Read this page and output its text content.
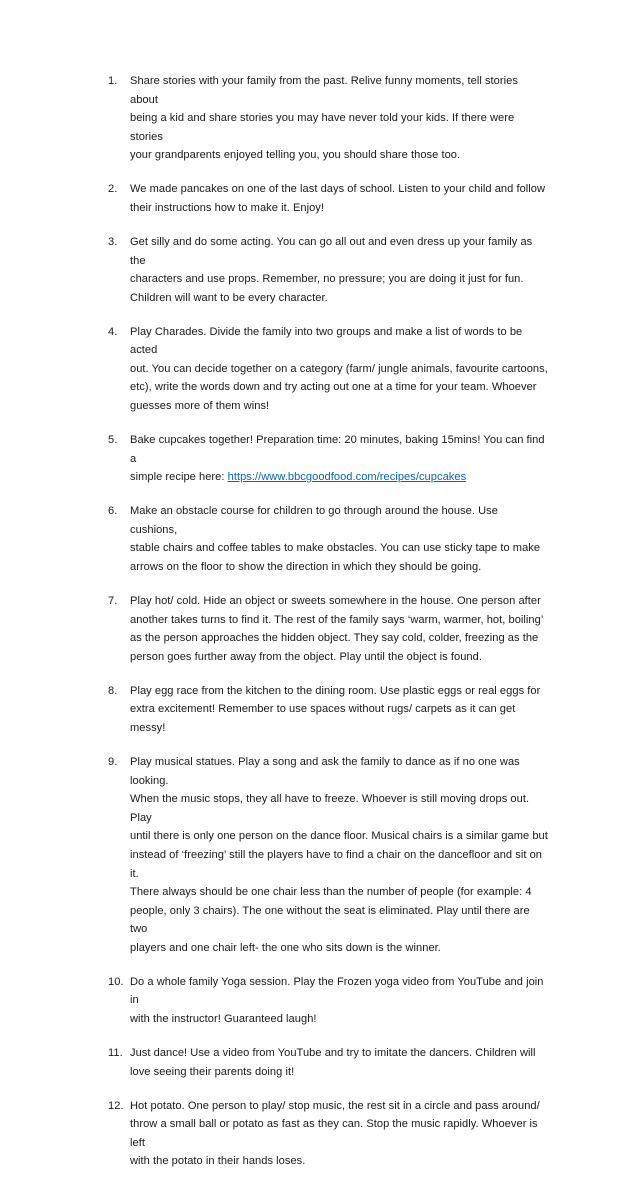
1. Share stories with your family from the past. Relive funny moments, tell stories about
being a kid and share stories you may have never told your kids. If there were stories
your grandparents enjoyed telling you, you should share those too.
2. We made pancakes on one of the last days of school. Listen to your child and follow
their instructions how to make it. Enjoy!
3. Get silly and do some acting. You can go all out and even dress up your family as the
characters and use props. Remember, no pressure; you are doing it just for fun.
Children will want to be every character.
4. Play Charades. Divide the family into two groups and make a list of words to be acted
out. You can decide together on a category (farm/ jungle animals, favourite cartoons,
etc), write the words down and try acting out one at a time for your team. Whoever
guesses more of them wins!
5. Bake cupcakes together! Preparation time: 20 minutes, baking 15mins! You can find a
simple recipe here: https://www.bbcgoodfood.com/recipes/cupcakes
6. Make an obstacle course for children to go through around the house. Use cushions,
stable chairs and coffee tables to make obstacles. You can use sticky tape to make
arrows on the floor to show the direction in which they should be going.
7. Play hot/ cold. Hide an object or sweets somewhere in the house. One person after
another takes turns to find it. The rest of the family says ‘warm, warmer, hot, boiling’
as the person approaches the hidden object. They say cold, colder, freezing as the
person goes further away from the object. Play until the object is found.
8. Play egg race from the kitchen to the dining room. Use plastic eggs or real eggs for
extra excitement! Remember to use spaces without rugs/ carpets as it can get messy!
9. Play musical statues. Play a song and ask the family to dance as if no one was looking.
When the music stops, they all have to freeze. Whoever is still moving drops out. Play
until there is only one person on the dance floor. Musical chairs is a similar game but
instead of ‘freezing’ still the players have to find a chair on the dancefloor and sit on it.
There always should be one chair less than the number of people (for example: 4
people, only 3 chairs). The one without the seat is eliminated. Play until there are two
players and one chair left- the one who sits down is the winner.
10. Do a whole family Yoga session. Play the Frozen yoga video from YouTube and join in
with the instructor! Guaranteed laugh!
11. Just dance! Use a video from YouTube and try to imitate the dancers. Children will
love seeing their parents doing it!
12. Hot potato. One person to play/ stop music, the rest sit in a circle and pass around/
throw a small ball or potato as fast as they can. Stop the music rapidly. Whoever is left
with the potato in their hands loses.
